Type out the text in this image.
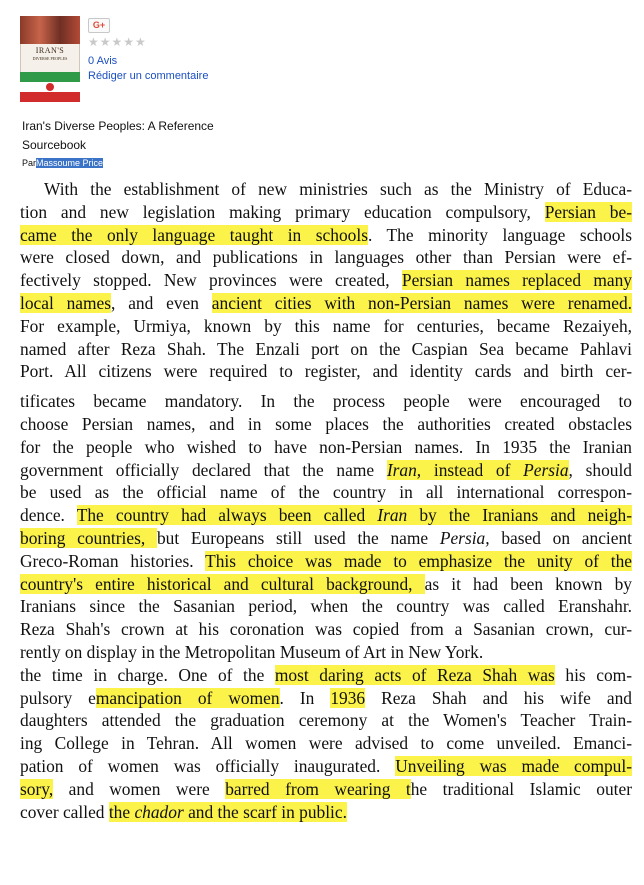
IRAN'S
DIVERSE PEOPLES
G+
★★★★★
0 Avis
Rédiger un commentaire
Iran's Diverse Peoples: A Reference Sourcebook
ParMassoume Price
With the establishment of new ministries such as the Ministry of Educa-
tion and new legislation making primary education compulsory, Persian be-
came the only language taught in schools. The minority language schools
were closed down, and publications in languages other than Persian were ef-
fectively stopped. New provinces were created, Persian names replaced many
local names, and even ancient cities with non-Persian names were renamed.
For example, Urmiya, known by this name for centuries, became Rezaiyeh,
named after Reza Shah. The Enzali port on the Caspian Sea became Pahlavi
Port. All citizens were required to register, and identity cards and birth cer-
tificates became mandatory. In the process people were encouraged to
choose Persian names, and in some places the authorities created obstacles
for the people who wished to have non-Persian names. In 1935 the Iranian
government officially declared that the name Iran, instead of Persia, should
be used as the official name of the country in all international correspon-
dence. The country had always been called Iran by the Iranians and neigh-
boring countries, but Europeans still used the name Persia, based on ancient
Greco-Roman histories. This choice was made to emphasize the unity of the
country's entire historical and cultural background, as it had been known by
Iranians since the Sasanian period, when the country was called Eranshahr.
Reza Shah's crown at his coronation was copied from a Sasanian crown, cur-
rently on display in the Metropolitan Museum of Art in New York.
the time in charge. One of the most daring acts of Reza Shah was his com-
pulsory emancipation of women. In 1936 Reza Shah and his wife and
daughters attended the graduation ceremony at the Women's Teacher Train-
ing College in Tehran. All women were advised to come unveiled. Emanci-
pation of women was officially inaugurated. Unveiling was made compul-
sory, and women were barred from wearing the traditional Islamic outer
cover called the chador and the scarf in public.
